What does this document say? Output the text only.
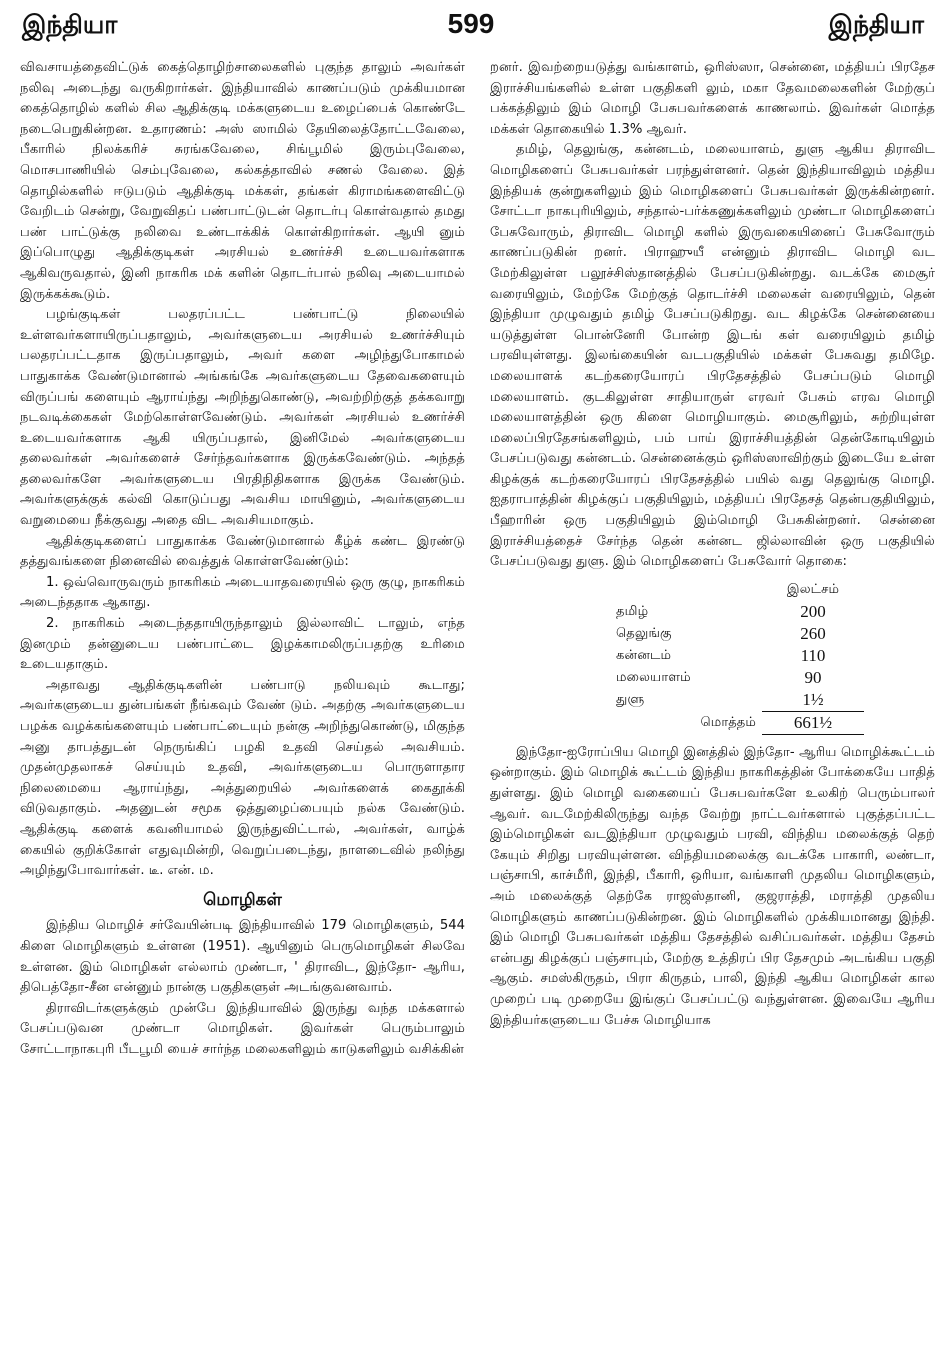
இந்தியா	599	இந்தியா

விவசாயத்தைவிட்டுக் கைத்தொழிற்சாலைகளில் புகுந்த தாலும் அவர்கள் நலிவு அடைந்து வருகிறார்கள். இந்தியாவில் காணப்படும் முக்கியமான கைத்தொழில் களில் சில ஆதிக்குடி மக்களுடைய உழைப்பைக் கொண்டே நடைபெறுகின்றன. உதாரணம்: அஸ் ஸாமில் தேயிலைத்தோட்டவேலை, பீகாரில் நிலக்கரிச் சுரங்கவேலை, சிங்பூமில் இரும்புவேலை, மொசபாணியில் செம்புவேலை, கல்கத்தாவில் சணல் வேலை. இத் தொழில்களில் ஈடுபடும் ஆதிக்குடி மக்கள், தங்கள் கிராமங்களைவிட்டு வேறிடம் சென்று, வேறுவிதப் பண்பாட்டுடன் தொடர்பு கொள்வதால் தமது பண் பாட்டுக்கு நலிவை உண்டாக்கிக் கொள்கிறார்கள். ஆயி னும் இப்பொழுது ஆதிக்குடிகள் அரசியல் உணர்ச்சி உடையவர்களாக ஆகிவருவதால், இனி நாகரிக மக் களின் தொடர்பால் நலிவு அடையாமல் இருக்கக்கூடும்.

பழங்குடிகள் பலதரப்பட்ட பண்பாட்டு நிலையில் உள்ளவர்களாயிருப்பதாலும், அவர்களுடைய அரசியல் உணர்ச்சியும் பலதரப்பட்டதாக இருப்பதாலும், அவர் களை அழிந்துபோகாமல் பாதுகாக்க வேண்டுமானால் அங்கங்கே அவர்களுடைய தேவைகளையும் விருப்பங் களையும் ஆராய்ந்து அறிந்துகொண்டு, அவற்றிற்குத் தக்கவாறு நடவடிக்கைகள் மேற்கொள்ளவேண்டும். அவர்கள் அரசியல் உணர்ச்சி உடையவர்களாக ஆகி யிருப்பதால், இனிமேல் அவர்களுடைய தலைவர்கள் அவர்களைச் சேர்ந்தவர்களாக இருக்கவேண்டும். அந்தத் தலைவர்களே அவர்களுடைய பிரதிநிதிகளாக இருக்க வேண்டும். அவர்களுக்குக் கல்வி கொடுப்பது அவசிய மாயினும், அவர்களுடைய வறுமையை நீக்குவது அதை விட அவசியமாகும்.

ஆதிக்குடிகளைப் பாதுகாக்க வேண்டுமானால் கீழ்க் கண்ட இரண்டு தத்துவங்களை நினைவில் வைத்துக் கொள்ளவேண்டும்:

1. ஒவ்வொருவரும் நாகரிகம் அடையாதவரையில் ஒரு குழு, நாகரிகம் அடைந்ததாக ஆகாது.

2. நாகரிகம் அடைந்ததாயிருந்தாலும் இல்லாவிட் டாலும், எந்த இனமும் தன்னுடைய பண்பாட்டை இழக்காமலிருப்பதற்கு உரிமை உடையதாகும்.

அதாவது ஆதிக்குடிகளின் பண்பாடு நலியவும் கூடாது; அவர்களுடைய துன்பங்கள் நீங்கவும் வேண் டும். அதற்கு அவர்களுடைய பழக்க வழக்கங்களையும் பண்பாட்டையும் நன்கு அறிந்துகொண்டு, மிகுந்த அனு தாபத்துடன் நெருங்கிப் பழகி உதவி செய்தல் அவசியம். முதன்முதலாகச் செய்யும் உதவி, அவர்களுடைய பொருளாதார நிலைமையை ஆராய்ந்து, அத்துறையில் அவர்களைக் கைதூக்கி விடுவதாகும். அதனுடன் சமூக ஒத்துழைப்பையும் நல்க வேண்டும். ஆதிக்குடி களைக் கவனியாமல் இருந்துவிட்டால், அவர்கள், வாழ்க் கையில் குறிக்கோள் எதுவுமின்றி, வெறுப்படைந்து, நாளடைவில் நலிந்து அழிந்துபோவார்கள். டீ. என். ம.

மொழிகள்

இந்திய மொழிச் சர்வேயின்படி இந்தியாவில் 179 மொழிகளும், 544 கிளை மொழிகளும் உள்ளன (1951). ஆயினும் பெருமொழிகள் சிலவே உள்ளன. இம் மொழிகள் எல்லாம் முண்டா, ' திராவிட, இந்தோ- ஆரிய, திபெத்தோ-சீன என்னும் நான்கு பகுதிகளுள் அடங்குவனவாம்.

திராவிடர்களுக்கும் முன்பே இந்தியாவில் இருந்து வந்த மக்களால் பேசப்படுவன முண்டா மொழிகள். இவர்கள் பெரும்பாலும் சோட்டாநாகபுரி பீடபூமி யைச் சார்ந்த மலைகளிலும் காடுகளிலும் வசிக்கின்

றனர். இவற்றையடுத்து வங்காளம், ஒரிஸ்ஸா, சென்னை, மத்தியப் பிரதேச இராச்சியங்களில் உள்ள பகுதிகளி லும், மகா தேவமலைகளின் மேற்குப் பக்கத்திலும் இம் மொழி பேசுபவர்களைக் காணலாம். இவர்கள் மொத்த மக்கள் தொகையில் 1.3% ஆவர்.

தமிழ், தெலுங்கு, கன்னடம், மலையாளம், துளு ஆகிய திராவிட மொழிகளைப் பேசுபவர்கள் பரந்துள்ளனர். தென் இந்தியாவிலும் மத்திய இந்தியக் குன்றுகளிலும் இம் மொழிகளைப் பேசுபவர்கள் இருக்கின்றனர். சோட்டா நாகபுரியிலும், சந்தால்-பர்க்கணுக்களிலும் முண்டா மொழிகளைப் பேசுவோரும், திராவிட மொழி களில் இருவகையினைப் பேசுவோரும் காணப்படுகின் றனர். பிராஹுயீ என்னும் திராவிட மொழி வட மேற்கிலுள்ள பலூச்சிஸ்தானத்தில் பேசப்படுகின்றது. வடக்கே மைசூர் வரையிலும், மேற்கே மேற்குத் தொடர்ச்சி மலைகள் வரையிலும், தென் இந்தியா முழுவதும் தமிழ் பேசப்படுகிறது. வட கிழக்கே சென்னையை யடுத்துள்ள பொன்னேரி போன்ற இடங் கள் வரையிலும் தமிழ் பரவியுள்ளது. இலங்கையின் வடபகுதியில் மக்கள் பேசுவது தமிழே. மலையாளக் கடற்கரையோரப் பிரதேசத்தில் பேசப்படும் மொழி மலையாளம். குடகிலுள்ள சாதியாருள் எரவர் பேசும் எரவ மொழி மலையாளத்தின் ஒரு கிளை மொழியாகும். மைசூரிலும், சுற்றியுள்ள மலைப்பிரதேசங்களிலும், பம் பாய் இராச்சியத்தின் தென்கோடியிலும் பேசப்படுவது கன்னடம். சென்னைக்கும் ஒரிஸ்ஸாவிற்கும் இடையே உள்ள கிழக்குக் கடற்கரையோரப் பிரதேசத்தில் பயில் வது தெலுங்கு மொழி. ஐதராபாத்தின் கிழக்குப் பகுதியிலும், மத்தியப் பிரதேசத் தென்பகுதியிலும், பீஹாரின் ஒரு பகுதியிலும் இம்மொழி பேசுகின்றனர். சென்னை இராச்சியத்தைச் சேர்ந்த தென் கன்னட ஜில்லாவின் ஒரு பகுதியில் பேசப்படுவது துளு. இம் மொழிகளைப் பேசுவோர் தொகை:

	இலட்சம்
தமிழ்	200
தெலுங்கு	260
கன்னடம்	110
மலையாளம்	90
துளு	1½
மொத்தம்	661½

இந்தோ-ஐரோப்பிய மொழி இனத்தில் இந்தோ- ஆரிய மொழிக்கூட்டம் ஒன்றாகும். இம் மொழிக் கூட்டம் இந்திய நாகரிகத்தின் போக்கையே பாதித் துள்ளது. இம் மொழி வகையைப் பேசுபவர்களே உலகிற் பெரும்பாலர் ஆவர். வடமேற்கிலிருந்து வந்த வேற்று நாட்டவர்களால் புகுத்தப்பட்ட இம்மொழிகள் வடஇந்தியா முழுவதும் பரவி, விந்திய மலைக்குத் தெற் கேயும் சிறிது பரவியுள்ளன. விந்தியமலைக்கு வடக்கே பாகாரி, லண்டா, பஞ்சாபி, காச்மீரி, இந்தி, பீகாரி, ஒரியா, வங்காளி முதலிய மொழிகளும், அம் மலைக்குத் தெற்கே ராஜஸ்தானி, குஜராத்தி, மராத்தி முதலிய மொழிகளும் காணப்படுகின்றன. இம் மொழிகளில் முக்கியமானது இந்தி. இம் மொழி பேசுபவர்கள் மத்திய தேசத்தில் வசிப்பவர்கள். மத்திய தேசம் என்பது கிழக்குப் பஞ்சாபும், மேற்கு உத்திரப் பிர தேசமும் அடங்கிய பகுதி ஆகும். சமஸ்கிருதம், பிரா கிருதம், பாலி, இந்தி ஆகிய மொழிகள் கால முறைப் படி முறையே இங்குப் பேசப்பட்டு வந்துள்ளன. இவையே ஆரிய இந்தியர்களுடைய பேச்சு மொழியாக
